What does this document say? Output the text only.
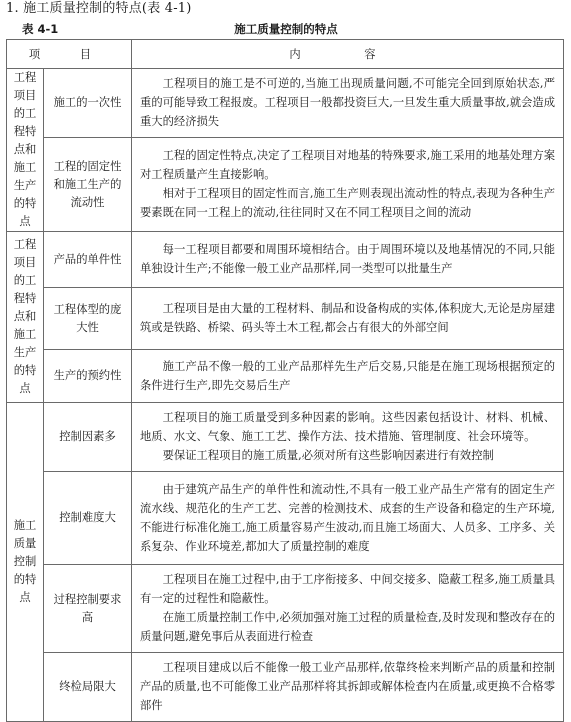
1. 施工质量控制的特点(表 4-1)
表 4-1	施工质量控制的特点
项 目		内 容
工程项目的工程特点和施工生产的特点	施工的一次性	工程项目的施工是不可逆的,当施工出现质量问题,不可能完全回到原始状态,严重的可能导致工程报废。工程项目一般都投资巨大,一旦发生重大质量事故,就会造成重大的经济损失

	工程的固定性和施工生产的流动性	工程的固定性特点,决定了工程项目对地基的特殊要求,施工采用的地基处理方案对工程质量产生直接影响。

相对于工程项目的固定性而言,施工生产则表现出流动性的特点,表现为各种生产要素既在同一工程上的流动,往往同时又在不同工程项目之间的流动

工程项目的工程特点和施工生产的特点	产品的单件性	每一工程项目都要和周围环境相结合。由于周围环境以及地基情况的不同,只能单独设计生产;不能像一般工业产品那样,同一类型可以批量生产

	工程体型的庞大性	工程项目是由大量的工程材料、制品和设备构成的实体,体积庞大,无论是房屋建筑或是铁路、桥梁、码头等土木工程,都会占有很大的外部空间

	生产的预约性	施工产品不像一般的工业产品那样先生产后交易,只能是在施工现场根据预定的条件进行生产,即先交易后生产

施工质量控制的特点	控制因素多	工程项目的施工质量受到多种因素的影响。这些因素包括设计、材料、机械、地质、水文、气象、施工工艺、操作方法、技术措施、管理制度、社会环境等。

要保证工程项目的施工质量,必须对所有这些影响因素进行有效控制

	控制难度大	由于建筑产品生产的单件性和流动性,不具有一般工业产品生产常有的固定生产流水线、规范化的生产工艺、完善的检测技术、成套的生产设备和稳定的生产环境,不能进行标准化施工,施工质量容易产生波动,而且施工场面大、人员多、工序多、关系复杂、作业环境差,都加大了质量控制的难度

	过程控制要求高	工程项目在施工过程中,由于工序衔接多、中间交接多、隐蔽工程多,施工质量具有一定的过程性和隐蔽性。

在施工质量控制工作中,必须加强对施工过程的质量检查,及时发现和整改存在的质量问题,避免事后从表面进行检查

	终检局限大	工程项目建成以后不能像一般工业产品那样,依靠终检来判断产品的质量和控制产品的质量,也不可能像工业产品那样将其拆卸或解体检查内在质量,或更换不合格零部件
